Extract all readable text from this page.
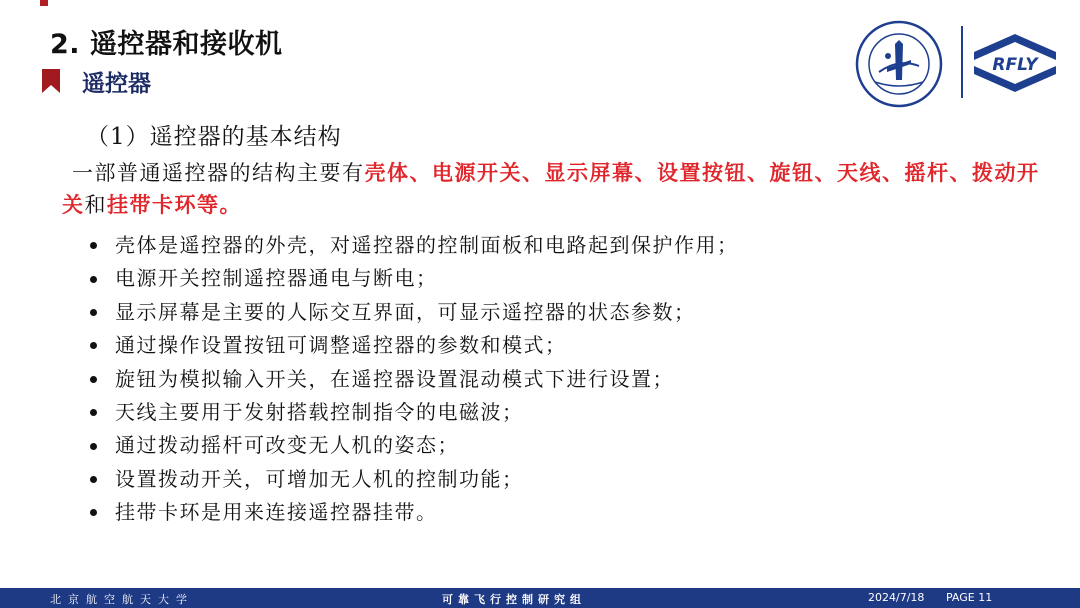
2. 遥控器和接收机
遥控器
RFLY
（1）遥控器的基本结构
一部普通遥控器的结构主要有壳体、电源开关、显示屏幕、设置按钮、旋钮、天线、摇杆、拨动开关和挂带卡环等。
壳体是遥控器的外壳，对遥控器的控制面板和电路起到保护作用；
电源开关控制遥控器通电与断电；
显示屏幕是主要的人际交互界面，可显示遥控器的状态参数；
通过操作设置按钮可调整遥控器的参数和模式；
旋钮为模拟输入开关，在遥控器设置混动模式下进行设置；
天线主要用于发射搭载控制指令的电磁波；
通过拨动摇杆可改变无人机的姿态；
设置拨动开关，可增加无人机的控制功能；
挂带卡环是用来连接遥控器挂带。
北京航空航天大学	可靠飞行控制研究组	2024/7/18 PAGE 11
